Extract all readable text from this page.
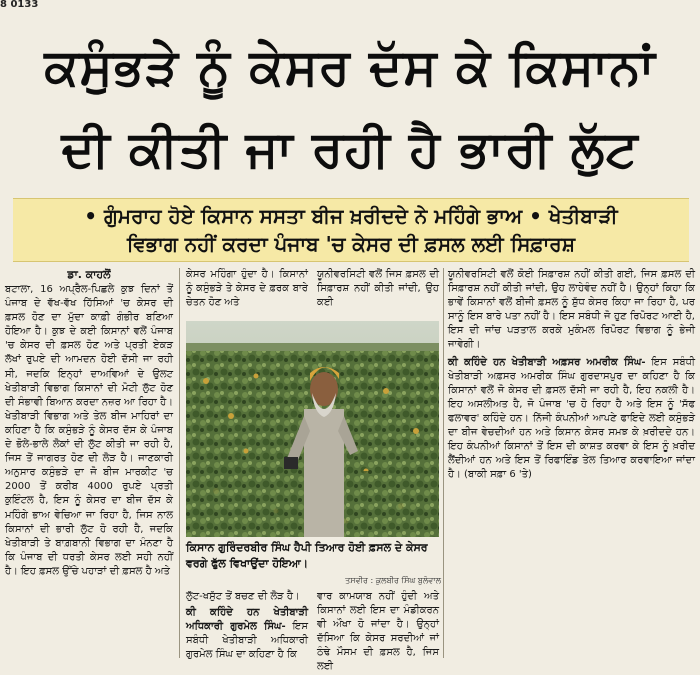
8 0133
ਕਸੁੰਭੜੇ ਨੂੰ ਕੇਸਰ ਦੱਸ ਕੇ ਕਿਸਾਨਾਂ
ਦੀ ਕੀਤੀ ਜਾ ਰਹੀ ਹੈ ਭਾਰੀ ਲੁੱਟ
• ਗੁੰਮਰਾਹ ਹੋਏ ਕਿਸਾਨ ਸਸਤਾ ਬੀਜ ਖ਼ਰੀਦਦੇ ਨੇ ਮਹਿੰਗੇ ਭਾਅ • ਖੇਤੀਬਾੜੀ
ਵਿਭਾਗ ਨਹੀਂ ਕਰਦਾ ਪੰਜਾਬ 'ਚ ਕੇਸਰ ਦੀ ਫ਼ਸਲ ਲਈ ਸਿਫ਼ਾਰਸ਼
ਡਾ. ਕਾਹਲੋਂ
ਬਟਾਲਾ, 16 ਅਪ੍ਰੈਲ-ਪਿਛਲੇ ਕੁਝ ਦਿਨਾਂ ਤੋਂ ਪੰਜਾਬ ਦੇ ਵੱਖ-ਵੱਖ ਹਿੱਸਿਆਂ 'ਚ ਕੇਸਰ ਦੀ ਫ਼ਸਲ ਹੋਣ ਦਾ ਮੁੱਦਾ ਕਾਫ਼ੀ ਗੰਭੀਰ ਬਣਿਆ ਹੋਇਆ ਹੈ। ਕੁਝ ਦੇ ਕਈ ਕਿਸਾਨਾਂ ਵਲੋਂ ਪੰਜਾਬ 'ਚ ਕੇਸਰ ਦੀ ਫ਼ਸਲ ਹੋਣ ਅਤੇ ਪ੍ਰਤੀ ਏਕੜ ਲੱਖਾਂ ਰੁਪਏ ਦੀ ਆਮਦਨ ਹੋਈ ਦੱਸੀ ਜਾ ਰਹੀ ਸੀ, ਜਦਕਿ ਇਨ੍ਹਾਂ ਦਾਅਵਿਆਂ ਦੇ ਉਲਟ ਖੇਤੀਬਾੜੀ ਵਿਭਾਗ ਕਿਸਾਨਾਂ ਦੀ ਮੋਟੀ ਲੁੱਟ ਹੋਣ ਦੀ ਸੰਭਾਵੀ ਬਿਆਨ ਕਰਦਾ ਨਜ਼ਰ ਆ ਰਿਹਾ ਹੈ। ਖੇਤੀਬਾੜੀ ਵਿਭਾਗ ਅਤੇ ਤੇਲ ਬੀਜ ਮਾਹਿਰਾਂ ਦਾ ਕਹਿਣਾ ਹੈ ਕਿ ਕਸੁੰਭੜੇ ਨੂੰ ਕੇਸਰ ਦੱਸ ਕੇ ਪੰਜਾਬ ਦੇ ਭੋਲੇ-ਭਾਲੇ ਲੋਕਾਂ ਦੀ ਲੁੱਟ ਕੀਤੀ ਜਾ ਰਹੀ ਹੈ, ਜਿਸ ਤੋਂ ਜਾਗਰਤ ਹੋਣ ਦੀ ਲੋੜ ਹੈ। ਜਾਣਕਾਰੀ ਅਨੁਸਾਰ ਕਸੁੰਭੜੇ ਦਾ ਜੋ ਬੀਜ ਮਾਰਕੀਟ 'ਚ 2000 ਤੋਂ ਕਰੀਬ 4000 ਰੁਪਏ ਪ੍ਰਤੀ ਕੁਇੰਟਲ ਹੈ, ਇਸ ਨੂੰ ਕੇਸਰ ਦਾ ਬੀਜ ਦੱਸ ਕੇ ਮਹਿੰਗੇ ਭਾਅ ਵੇਚਿਆ ਜਾ ਰਿਹਾ ਹੈ, ਜਿਸ ਨਾਲ ਕਿਸਾਨਾਂ ਦੀ ਭਾਰੀ ਲੁੱਟ ਹੋ ਰਹੀ ਹੈ, ਜਦਕਿ ਖੇਤੀਬਾੜੀ ਤੇ ਬਾਗ਼ਬਾਨੀ ਵਿਭਾਗ ਦਾ ਮੰਨਣਾ ਹੈ ਕਿ ਪੰਜਾਬ ਦੀ ਧਰਤੀ ਕੇਸਰ ਲਈ ਸਹੀ ਨਹੀਂ ਹੈ। ਇਹ ਫ਼ਸਲ ਉੱਚੇ ਪਹਾੜਾਂ ਦੀ ਫ਼ਸਲ ਹੈ ਅਤੇ
ਕੇਸਰ ਮਹਿੰਗਾ ਹੁੰਦਾ ਹੈ। ਕਿਸਾਨਾਂ ਨੂੰ ਕਸੁੰਭੜੇ ਤੇ ਕੇਸਰ ਦੇ ਫ਼ਰਕ ਬਾਰੇ ਚੇਤਨ ਹੋਣ ਅਤੇ
ਯੂਨੀਵਰਸਿਟੀ ਵਲੋਂ ਜਿਸ ਫ਼ਸਲ ਦੀ ਸਿਫ਼ਾਰਸ਼ ਨਹੀਂ ਕੀਤੀ ਜਾਂਦੀ, ਉਹ ਕਈ
ਯੂਨੀਵਰਸਿਟੀ ਵਲੋਂ ਕੋਈ ਸਿਫ਼ਾਰਸ਼ ਨਹੀਂ ਕੀਤੀ ਗਈ, ਜਿਸ ਫ਼ਸਲ ਦੀ ਸਿਫ਼ਾਰਸ਼ ਨਹੀਂ ਕੀਤੀ ਜਾਂਦੀ, ਉਹ ਲਾਹੇਵੰਦ ਨਹੀਂ ਹੈ। ਉਨ੍ਹਾਂ ਕਿਹਾ ਕਿ ਭਾਵੇਂ ਕਿਸਾਨਾਂ ਵਲੋਂ ਬੀਜੀ ਫ਼ਸਲ ਨੂੰ ਸ਼ੁੱਧ ਕੇਸਰ ਕਿਹਾ ਜਾ ਰਿਹਾ ਹੈ, ਪਰ ਸਾਨੂੰ ਇਸ ਬਾਰੇ ਪਤਾ ਨਹੀਂ ਹੈ। ਇਸ ਸਬੰਧੀ ਜੋ ਹੁਣ ਰਿਪੋਰਟ ਆਈ ਹੈ, ਇਸ ਦੀ ਜਾਂਚ ਪੜਤਾਲ ਕਰਕੇ ਮੁਕੰਮਲ ਰਿਪੋਰਟ ਵਿਭਾਗ ਨੂੰ ਭੇਜੀ ਜਾਵੇਗੀ।
ਕੀ ਕਹਿੰਦੇ ਹਨ ਖੇਤੀਬਾੜੀ ਅਫ਼ਸਰ ਅਮਰੀਕ ਸਿੰਘ- ਇਸ ਸਬੰਧੀ ਖੇਤੀਬਾੜੀ ਅਫ਼ਸਰ ਅਮਰੀਕ ਸਿੰਘ ਗੁਰਦਾਸਪੁਰ ਦਾ ਕਹਿਣਾ ਹੈ ਕਿ ਕਿਸਾਨਾਂ ਵਲੋਂ ਜੋ ਕੇਸਰ ਦੀ ਫ਼ਸਲ ਦੱਸੀ ਜਾ ਰਹੀ ਹੈ, ਇਹ ਨਕਲੀ ਹੈ। ਇਹ ਅਸਲੀਅਤ ਹੈ, ਜੋ ਪੰਜਾਬ 'ਚ ਹੋ ਰਿਹਾ ਹੈ ਅਤੇ ਇਸ ਨੂੰ 'ਸੱਫ ਫਲਾਵਰ' ਕਹਿੰਦੇ ਹਨ। ਨਿੱਜੀ ਕੰਪਨੀਆਂ ਆਪਣੇ ਫਾਇਦੇ ਲਈ ਕਸੁੰਭੜੇ ਦਾ ਬੀਜ ਵੇਚਦੀਆਂ ਹਨ ਅਤੇ ਕਿਸਾਨ ਕੇਸਰ ਸਮਝ ਕੇ ਖ਼ਰੀਦਦੇ ਹਨ। ਇਹ ਕੰਪਨੀਆਂ ਕਿਸਾਨਾਂ ਤੋਂ ਇਸ ਦੀ ਕਾਸ਼ਤ ਕਰਵਾ ਕੇ ਇਸ ਨੂੰ ਖ਼ਰੀਦ ਲੈਂਦੀਆਂ ਹਨ ਅਤੇ ਇਸ ਤੋਂ ਰਿਫਾਇੰਡ ਤੇਲ ਤਿਆਰ ਕਰਵਾਇਆ ਜਾਂਦਾ ਹੈ। (ਬਾਕੀ ਸਫ਼ਾ 6 'ਤੇ)
ਕਿਸਾਨ ਗੁਰਿੰਦਰਬੀਰ ਸਿੰਘ ਹੈਪੀ ਤਿਆਰ ਹੋਈ ਫ਼ਸਲ ਦੇ ਕੇਸਰ ਵਰਗੇ ਫੁੱਲ ਵਿਖਾਉਂਦਾ ਹੋਇਆ।
ਤਸਵੀਰ : ਕੁਲਬੀਰ ਸਿੰਘ ਬੁਲੋਵਾਲ
ਲੁੱਟ-ਖਸੁੱਟ ਤੋਂ ਬਚਣ ਦੀ ਲੋੜ ਹੈ।
ਕੀ ਕਹਿੰਦੇ ਹਨ ਖੇਤੀਬਾੜੀ ਅਧਿਕਾਰੀ ਗੁਰਮੇਲ ਸਿੰਘ- ਇਸ ਸਬੰਧੀ ਖੇਤੀਬਾੜੀ ਅਧਿਕਾਰੀ ਗੁਰਮੇਲ ਸਿੰਘ ਦਾ ਕਹਿਣਾ ਹੈ ਕਿ
ਵਾਰ ਕਾਮਯਾਬ ਨਹੀਂ ਹੁੰਦੀ ਅਤੇ ਕਿਸਾਨਾਂ ਲਈ ਇਸ ਦਾ ਮੰਡੀਕਰਨ ਵੀ ਔਖਾ ਹੋ ਜਾਂਦਾ ਹੈ। ਉਨ੍ਹਾਂ ਦੱਸਿਆ ਕਿ ਕੇਸਰ ਸਰਦੀਆਂ ਜਾਂ ਠੰਢੇ ਮੌਸਮ ਦੀ ਫ਼ਸਲ ਹੈ, ਜਿਸ ਲਈ
